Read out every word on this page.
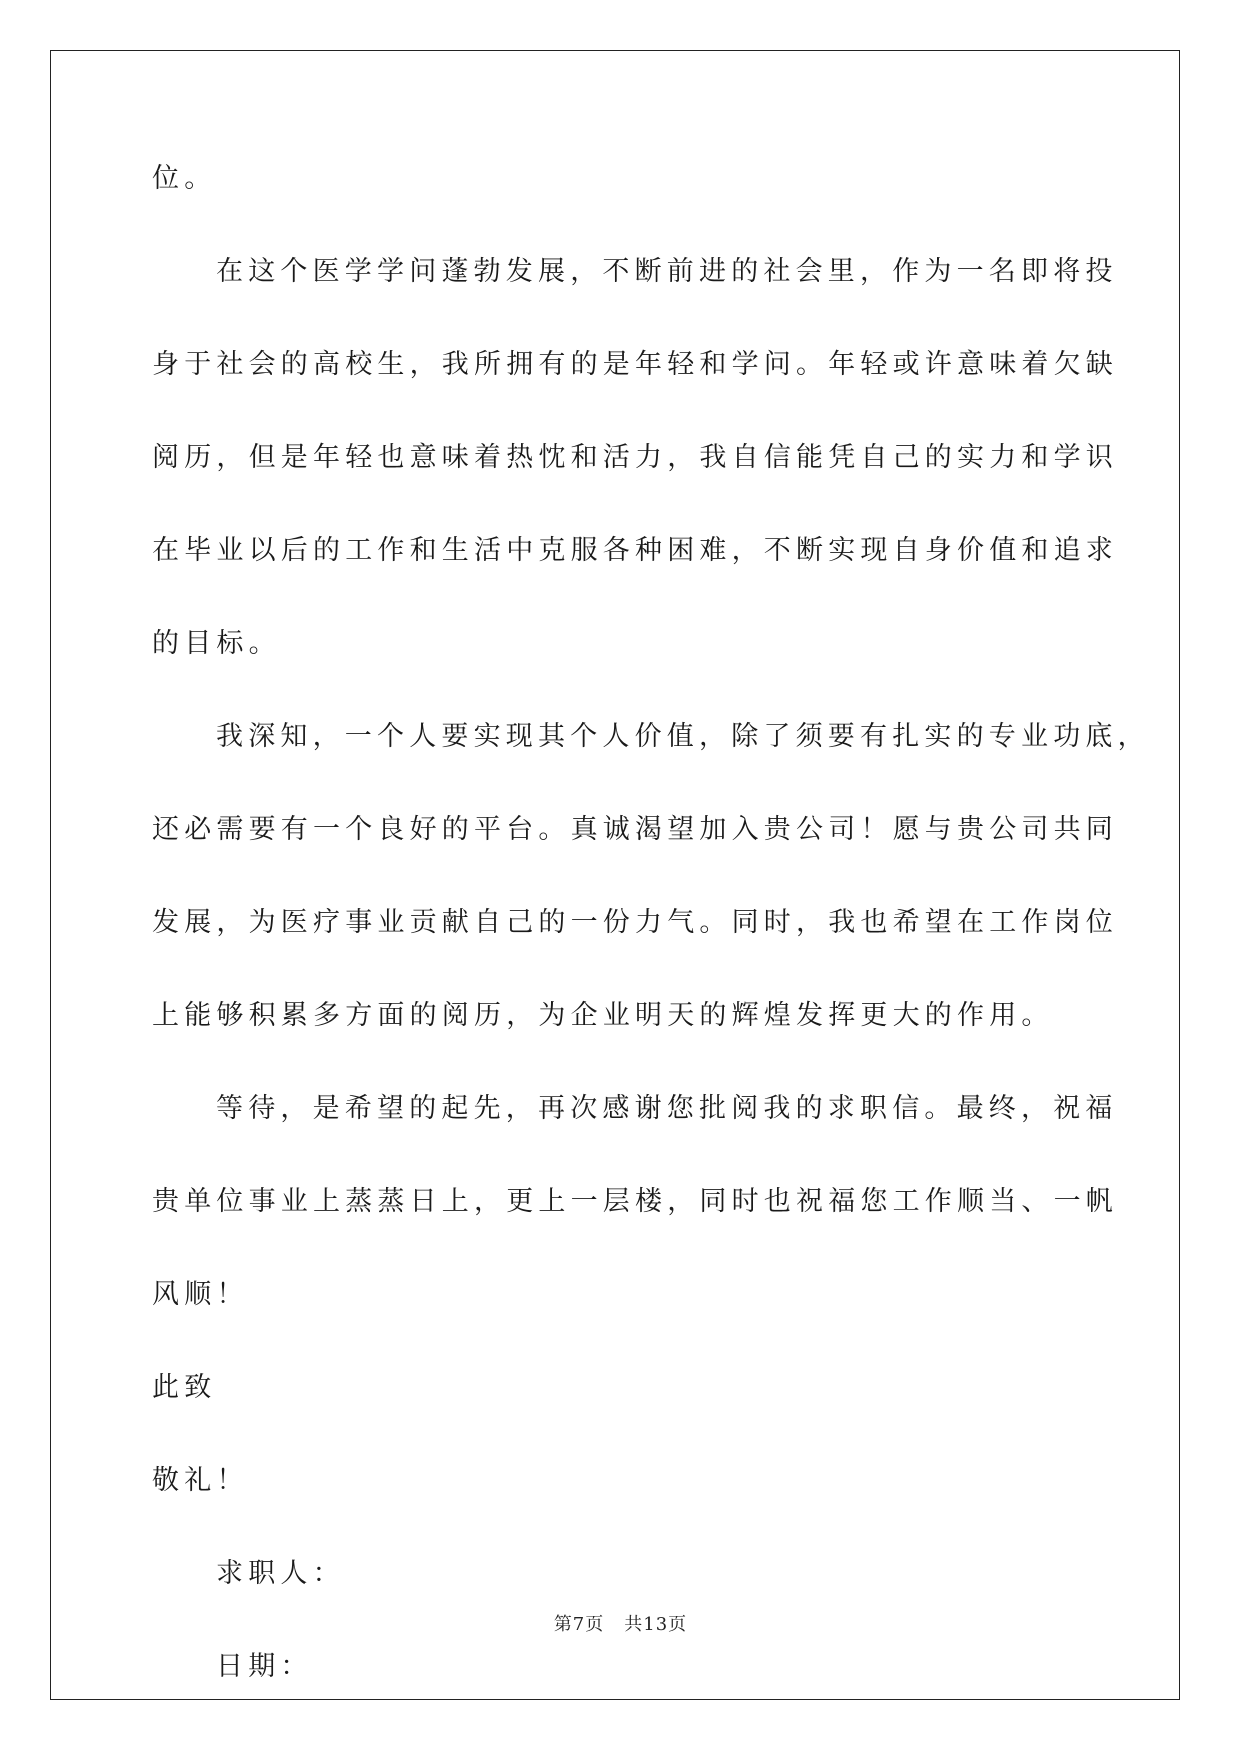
位。
在这个医学学问蓬勃发展，不断前进的社会里，作为一名即将投
身于社会的高校生，我所拥有的是年轻和学问。年轻或许意味着欠缺
阅历，但是年轻也意味着热忱和活力，我自信能凭自己的实力和学识
在毕业以后的工作和生活中克服各种困难，不断实现自身价值和追求
的目标。
我深知，一个人要实现其个人价值，除了须要有扎实的专业功底，
还必需要有一个良好的平台。真诚渴望加入贵公司！愿与贵公司共同
发展，为医疗事业贡献自己的一份力气。同时，我也希望在工作岗位
上能够积累多方面的阅历，为企业明天的辉煌发挥更大的作用。
等待，是希望的起先，再次感谢您批阅我的求职信。最终，祝福
贵单位事业上蒸蒸日上，更上一层楼，同时也祝福您工作顺当、一帆
风顺！
此致
敬礼！
求职人：
日期：
第7页 共13页
